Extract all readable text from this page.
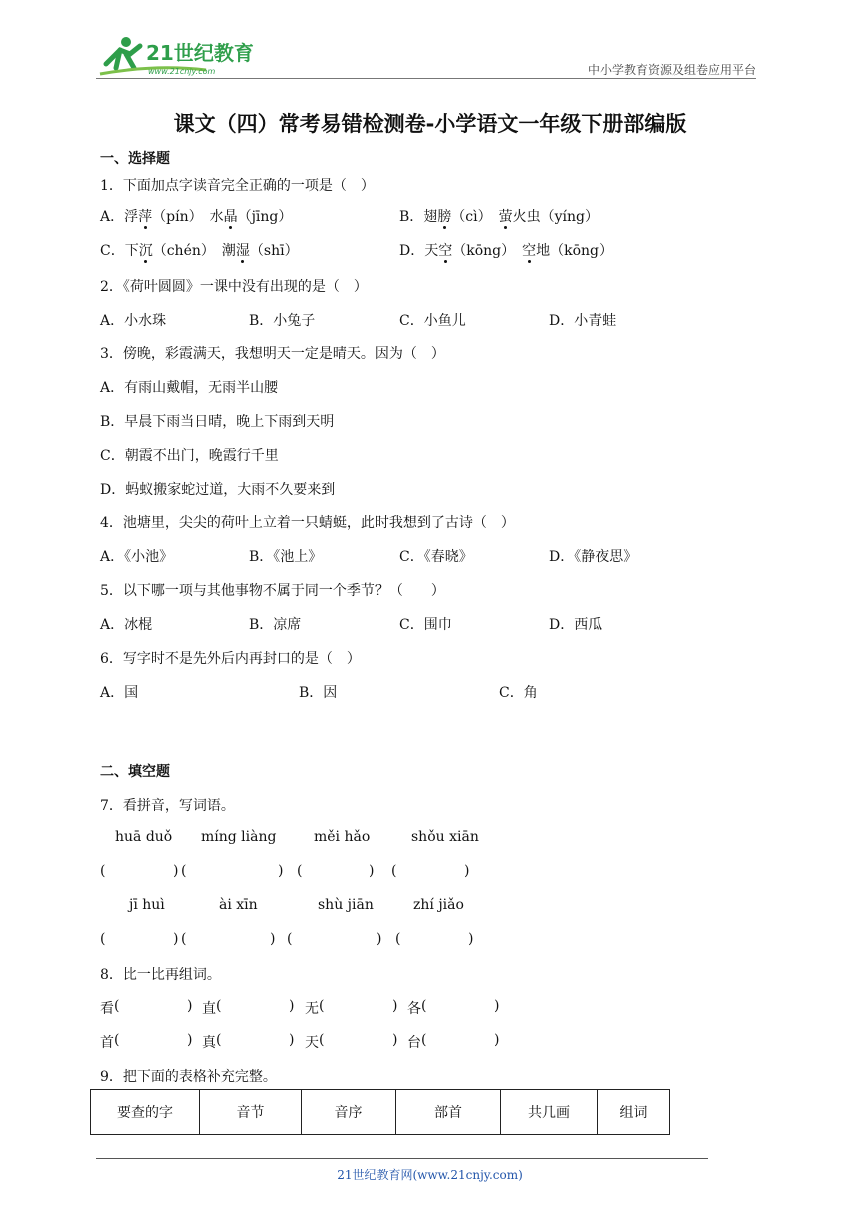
21世纪教育
www.21cnjy.com	中小学教育资源及组卷应用平台
课文（四）常考易错检测卷-小学语文一年级下册部编版
一、选择题
1．下面加点字读音完全正确的一项是（　）
A．浮萍（pín）　 水晶（jīng）	B．翅膀（cì）　 萤火虫（yíng）
C．下沉（chén）　 潮湿（shī）	D．天空（kōng）　 空地（kōng）
2．《荷叶圆圆》一课中没有出现的是（　）
A．小水珠	B．小兔子	C．小鱼儿	D．小青蛙
3．傍晚，彩霞满天，我想明天一定是晴天。因为（　）
A．有雨山戴帽，无雨半山腰
B．早晨下雨当日晴，晚上下雨到天明
C．朝霞不出门，晚霞行千里
D．蚂蚁搬家蛇过道，大雨不久要来到
4．池塘里，尖尖的荷叶上立着一只蜻蜓，此时我想到了古诗（　）
A．《小池》	B．《池上》	C．《春晓》	D．《静夜思》
5．以下哪一项与其他事物不属于同一个季节？（　　）
A．冰棍	B．凉席	C．围巾	D．西瓜
6．写字时不是先外后内再封口的是（　）
A．国	B．因	C．角
二、填空题
7．看拼音，写词语。
huā duǒ míng liàng	měi hǎo	shǒu xiān
(	) (	) (	) (	)
jī huì	ài xīn	shù jiān	zhí jiǎo
(	) (	) (	) (	)
8．比一比再组词。
看 (	) 直 (	) 无 (	) 各 (	)
首 (	) 真 (	) 天 (	) 台 (	)
9．把下面的表格补充完整。
要查的字	音节	音序	部首	共几画	组词
21世纪教育网(www.21cnjy.com)
